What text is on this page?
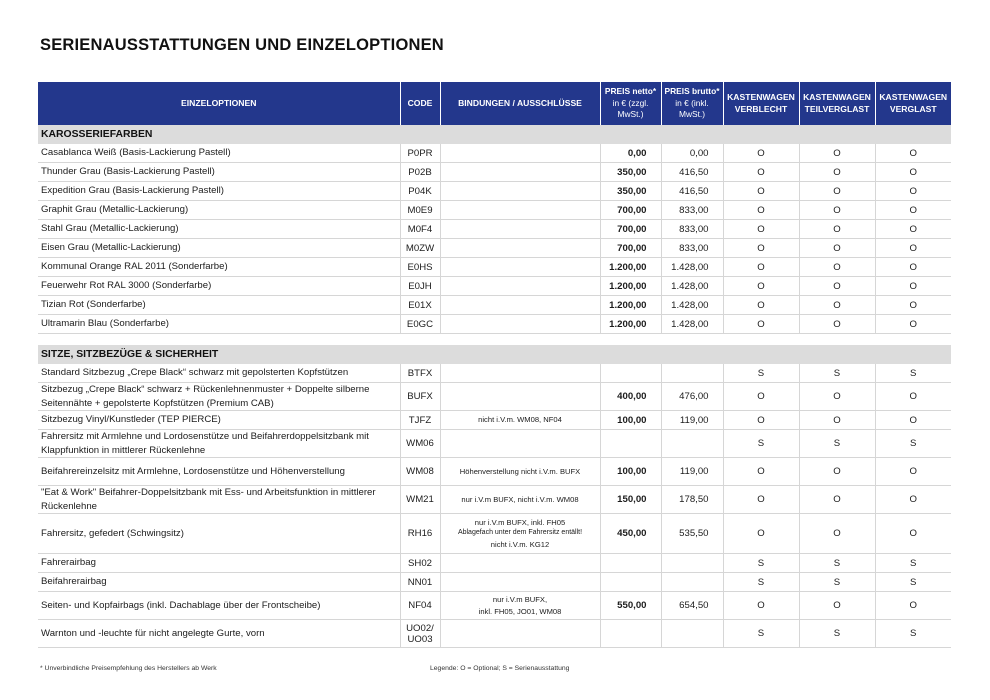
SERIENAUSSTATTUNGEN UND EINZELOPTIONEN
EINZELOPTIONEN	CODE	BINDUNGEN / AUSSCHLÜSSE	PREIS netto*
in € (zzgl. MwSt.)	PREIS brutto*
in € (inkl. MwSt.)	KASTENWAGEN VERBLECHT	KASTENWAGEN TEILVERGLAST	KASTENWAGEN VERGLAST
KAROSSERIEFARBEN							
Casablanca Weiß (Basis-Lackierung Pastell)	P0PR		0,00	0,00	O	O	O
Thunder Grau (Basis-Lackierung Pastell)	P02B		350,00	416,50	O	O	O
Expedition Grau (Basis-Lackierung Pastell)	P04K		350,00	416,50	O	O	O
Graphit Grau (Metallic-Lackierung)	M0E9		700,00	833,00	O	O	O
Stahl Grau (Metallic-Lackierung)	M0F4		700,00	833,00	O	O	O
Eisen Grau (Metallic-Lackierung)	M0ZW		700,00	833,00	O	O	O
Kommunal Orange RAL 2011 (Sonderfarbe)	E0HS		1.200,00	1.428,00	O	O	O
Feuerwehr Rot RAL 3000 (Sonderfarbe)	E0JH		1.200,00	1.428,00	O	O	O
Tizian Rot (Sonderfarbe)	E01X		1.200,00	1.428,00	O	O	O
Ultramarin Blau (Sonderfarbe)	E0GC		1.200,00	1.428,00	O	O	O

SITZE, SITZBEZÜGE & SICHERHEIT							
Standard Sitzbezug „Crepe Black“ schwarz mit gepolsterten Kopfstützen	BTFX				S	S	S
Sitzbezug „Crepe Black“ schwarz + Rückenlehnenmuster + Doppelte silberne Seitennähte + gepolsterte Kopfstützen (Premium CAB)	BUFX		400,00	476,00	O	O	O
Sitzbezug Vinyl/Kunstleder (TEP PIERCE)	TJFZ	nicht i.V.m. WM08, NF04	100,00	119,00	O	O	O
Fahrersitz mit Armlehne und Lordosenstütze und Beifahrerdoppelsitzbank mit Klappfunktion in mittlerer Rückenlehne	WM06				S	S	S
Beifahrereinzelsitz mit Armlehne, Lordosenstütze und Höhenverstellung	WM08	Höhenverstellung nicht i.V.m. BUFX	100,00	119,00	O	O	O
"Eat & Work" Beifahrer-Doppelsitzbank mit Ess- und Arbeitsfunktion in mittlerer Rückenlehne	WM21	nur i.V.m BUFX, nicht i.V.m. WM08	150,00	178,50	O	O	O
Fahrersitz, gefedert (Schwingsitz)	RH16	nur i.V.m BUFX, inkl. FH05
Ablagefach unter dem Fahrersitz entällt!
nicht i.V.m. KG12	450,00	535,50	O	O	O
Fahrerairbag	SH02				S	S	S
Beifahrerairbag	NN01				S	S	S
Seiten- und Kopfairbags (inkl. Dachablage über der Frontscheibe)	NF04	nur i.V.m BUFX,
inkl. FH05, JO01, WM08	550,00	654,50	O	O	O
Warnton und -leuchte für nicht angelegte Gurte, vorn	UO02/
UO03				S	S	S
* Unverbindliche Preisempfehlung des Herstellers ab Werk	Legende: O = Optional; S = Serienausstattung
